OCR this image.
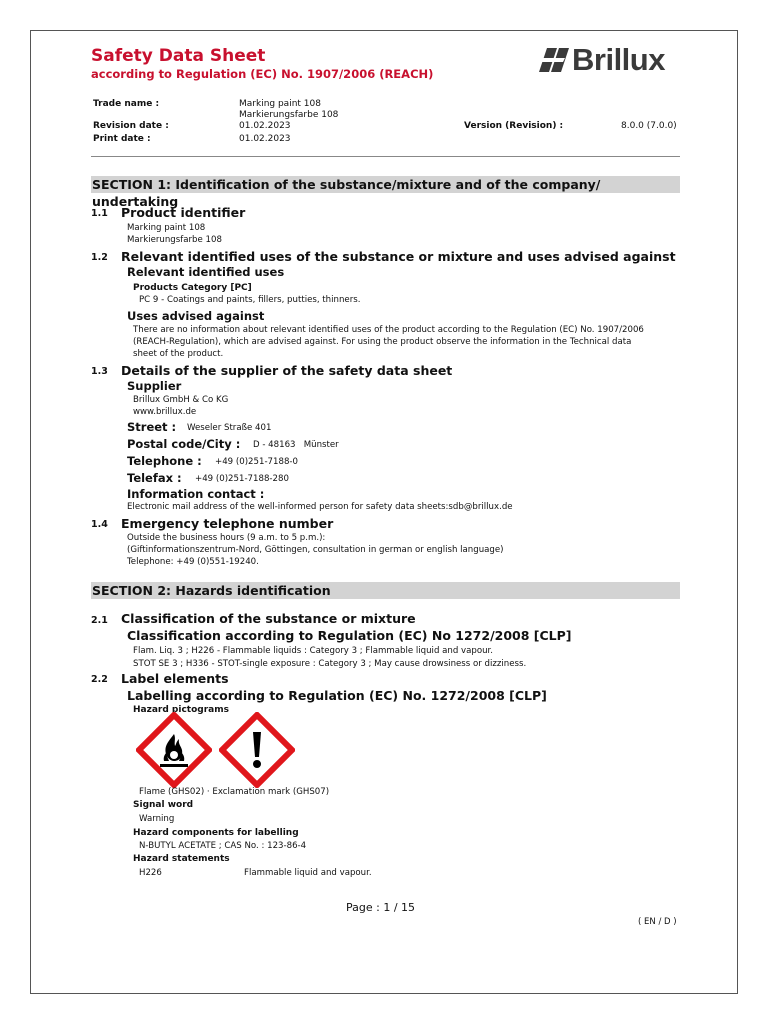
Safety Data Sheet
according to Regulation (EC) No. 1907/2006 (REACH)	Brillux
Trade name :	Marking paint 108
Markierungsfarbe 108
Revision date :	01.02.2023	Version (Revision) :	8.0.0 (7.0.0)
Print date :	01.02.2023
SECTION 1: Identification of the substance/mixture and of the company/ undertaking
1.1 Product identifier
Marking paint 108
Markierungsfarbe 108
1.2 Relevant identified uses of the substance or mixture and uses advised against
Relevant identified uses
Products Category [PC]
PC 9 - Coatings and paints, fillers, putties, thinners.
Uses advised against
There are no information about relevant identified uses of the product according to the Regulation (EC) No. 1907/2006
(REACH-Regulation), which are advised against. For using the product observe the information in the Technical data
sheet of the product.
1.3 Details of the supplier of the safety data sheet
Supplier
Brillux GmbH & Co KG
www.brillux.de
Street : Weseler Straße 401
Postal code/City : D - 48163   Münster
Telephone : +49 (0)251-7188-0
Telefax : +49 (0)251-7188-280
Information contact :
Electronic mail address of the well-informed person for safety data sheets:sdb@brillux.de
1.4 Emergency telephone number
Outside the business hours (9 a.m. to 5 p.m.):
(Giftinformationszentrum-Nord, Göttingen, consultation in german or english language)
Telephone: +49 (0)551-19240.
SECTION 2: Hazards identification
2.1 Classification of the substance or mixture
Classification according to Regulation (EC) No 1272/2008 [CLP]
Flam. Liq. 3 ; H226 - Flammable liquids : Category 3 ; Flammable liquid and vapour.
STOT SE 3 ; H336 - STOT-single exposure : Category 3 ; May cause drowsiness or dizziness.
2.2 Label elements
Labelling according to Regulation (EC) No. 1272/2008 [CLP]
Hazard pictograms
Flame (GHS02) · Exclamation mark (GHS07)
Signal word
Warning
Hazard components for labelling
N-BUTYL ACETATE ; CAS No. : 123-86-4
Hazard statements
H226	Flammable liquid and vapour.
Page : 1 / 15
( EN / D )
